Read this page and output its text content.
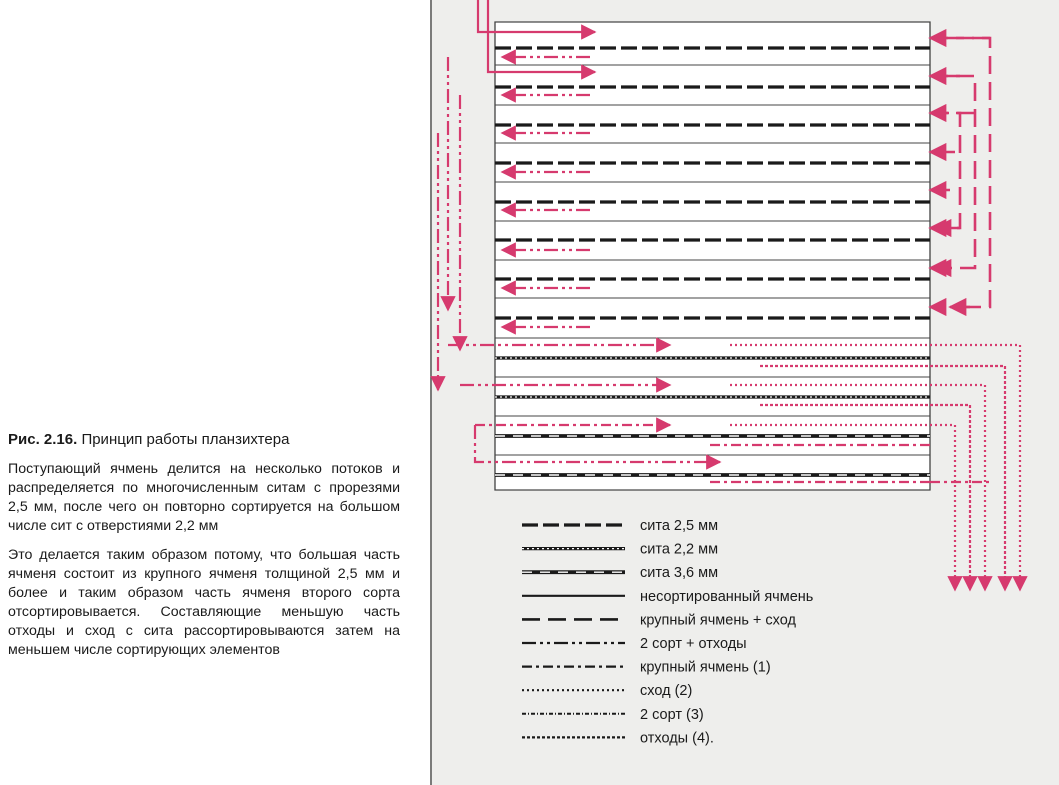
Рис. 2.16. Принцип работы планзихтера

Поступающий ячмень делится на несколько потоков и распределяется по многочисленным ситам с прорезями 2,5 мм, после чего он повторно сортируется на большом числе сит с отверстиями 2,2 мм

Это делается таким образом потому, что большая часть ячменя состоит из крупного ячменя толщиной 2,5 мм и более и таким образом часть ячменя второго сорта отсортировывается. Составляющие меньшую часть отходы и сход с сита рассортировываются затем на меньшем числе сортирующих элементов

сита 2,5 мм
сита 2,2 мм
сита 3,6 мм
несортированный ячмень
крупный ячмень + сход
2 сорт + отходы
крупный ячмень (1)
сход (2)
2 сорт (3)
отходы (4).
